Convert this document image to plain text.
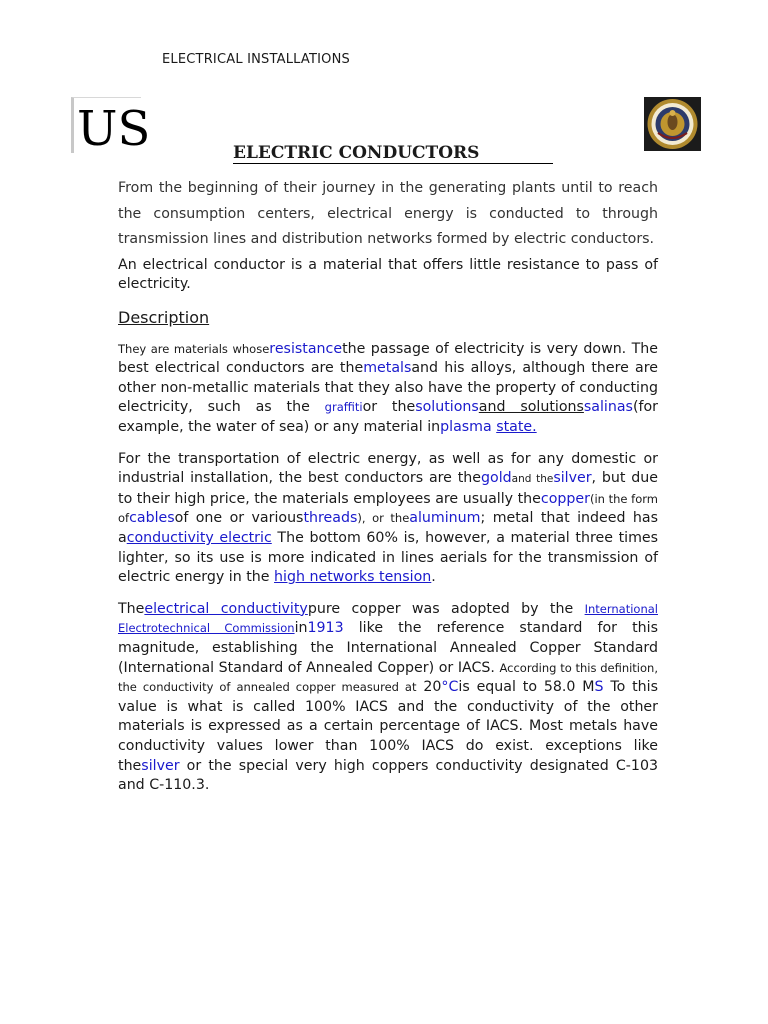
ELECTRICAL INSTALLATIONS
US	ELECTRIC CONDUCTORS

From the beginning of their journey in the generating plants until to reach the consumption centers, electrical energy is conducted to through transmission lines and distribution networks formed by electric conductors.

An electrical conductor is a material that offers little resistance to pass of electricity.

Description

They are materials whoseresistancethe passage of electricity is very down. The best electrical conductors are themetalsand his alloys, although there are other non-metallic materials that they also have the property of conducting electricity, such as the graffitior thesolutionsand solutionssalinas(for example, the water of sea) or any material inplasma state.

For the transportation of electric energy, as well as for any domestic or industrial installation, the best conductors are thegoldand thesilver, but due to their high price, the materials employees are usually thecopper(in the form ofcablesof one or variousthreads), or thealuminum; metal that indeed has aconductivity electric The bottom 60% is, however, a material three times lighter, so its use is more indicated in lines aerials for the transmission of electric energy in the high networks tension.

Theelectrical conductivitypure copper was adopted by the International Electrotechnical Commissionin1913 like the reference standard for this magnitude, establishing the International Annealed Copper Standard (International Standard of Annealed Copper) or IACS. According to this definition, the conductivity of annealed copper measured at 20°Cis equal to 58.0 MS To this value is what is called 100% IACS and the conductivity of the other materials is expressed as a certain percentage of IACS. Most metals have conductivity values lower than 100% IACS do exist. exceptions like thesilver or the special very high coppers conductivity designated C-103 and C-110.3.
